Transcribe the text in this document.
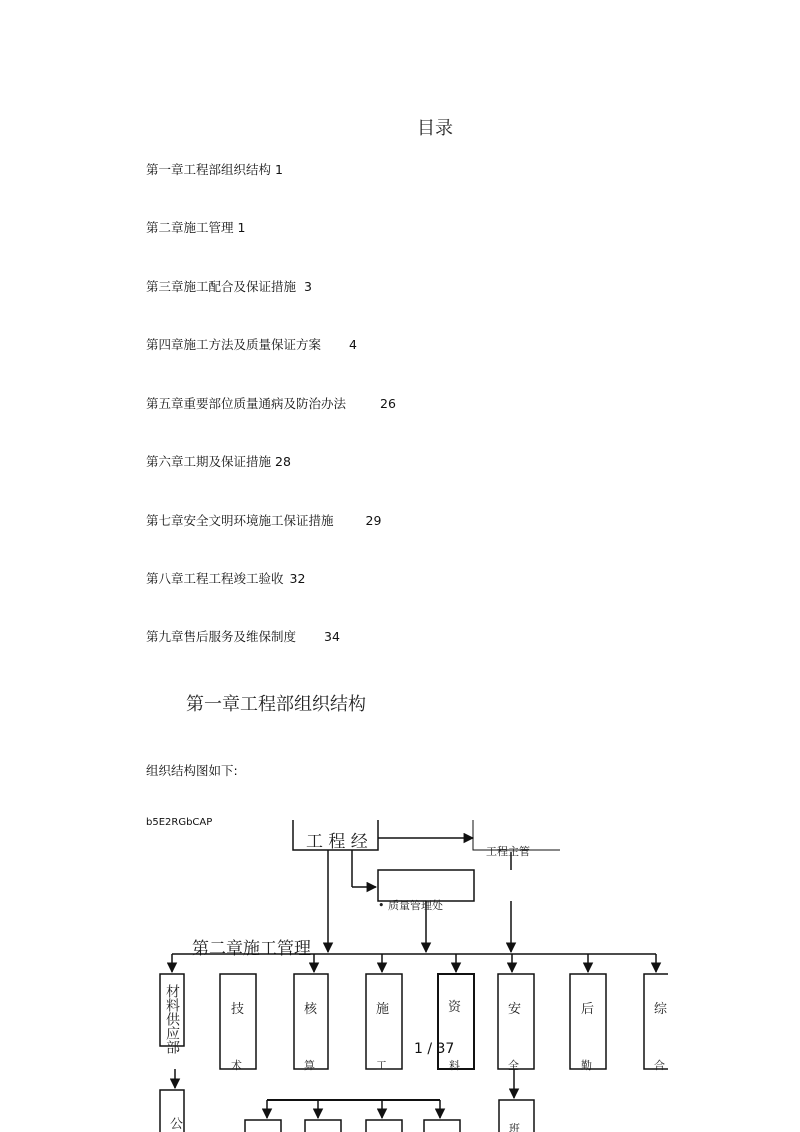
目录
第一章工程部组织结构 1
第二章施工管理 1
第三章施工配合及保证措施 3
第四章施工方法及质量保证方案 4
第五章重要部位质量通病及防治办法	26
第六章工期及保证措施 28
第七章安全文明环境施工保证措施	29
第八章工程工程竣工验收 32
第九章售后服务及维保制度 34
第一章工程部组织结构
组织结构图如下:
b5E2RGbCAP
工 程 经	工程主管
• 质量管理处
第二章施工管理
材料供应部	技
术
核
算
施
工
资
料
安
全
后
勤
综
合
公	班
1 / 37
